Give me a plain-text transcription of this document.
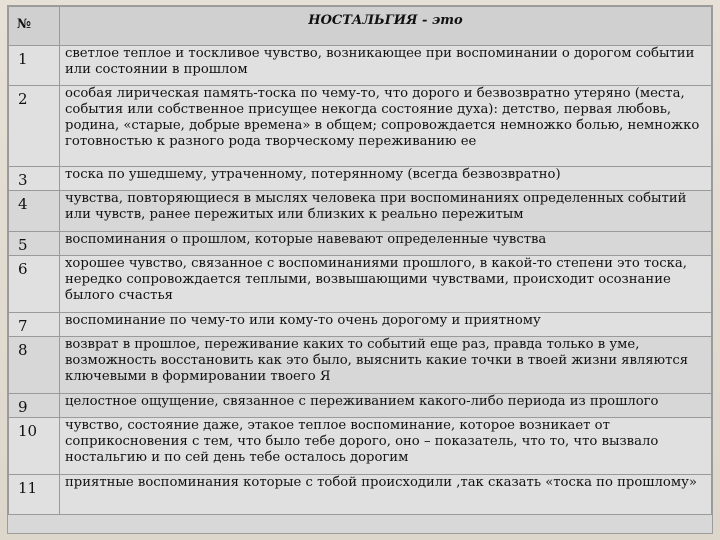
№	НОСТАЛЬГИЯ - это

1	светлое теплое и тоскливое чувство, возникающее при воспоминании о дорогом событии или состоянии в прошлом

2	особая лирическая память-тоска по чему-то, что дорого и безвозвратно утеряно (места, события или собственное присущее некогда состояние духа): детство, первая любовь, родина, «старые, добрые времена» в общем; сопровождается немножко болью, немножко готовностью к разного рода творческому переживанию ее

3	тоска по ушедшему, утраченному, потерянному (всегда безвозвратно)

4	чувства, повторяющиеся в мыслях человека при воспоминаниях определенных событий или чувств, ранее пережитых или близких к реально пережитым

5	воспоминания о прошлом, которые навевают определенные чувства

6	хорошее чувство, связанное с воспоминаниями прошлого, в какой-то степени это тоска, нередко сопровождается теплыми, возвышающими чувствами, происходит осознание былого счастья

7	воспоминание по чему-то или кому-то очень дорогому и приятному

8	возврат в прошлое, переживание каких то событий еще раз, правда только в уме, возможность восстановить как это было, выяснить какие точки в твоей жизни являются ключевыми в формировании твоего Я

9	целостное ощущение, связанное с переживанием какого-либо периода из прошлого

10	чувство, состояние даже, этакое теплое воспоминание, которое возникает от соприкосновения с тем, что было тебе дорого, оно – показатель, что то, что вызвало ностальгию и по сей день тебе осталось дорогим

11	приятные воспоминания которые с тобой происходили ,так сказать «тоска по прошлому»
